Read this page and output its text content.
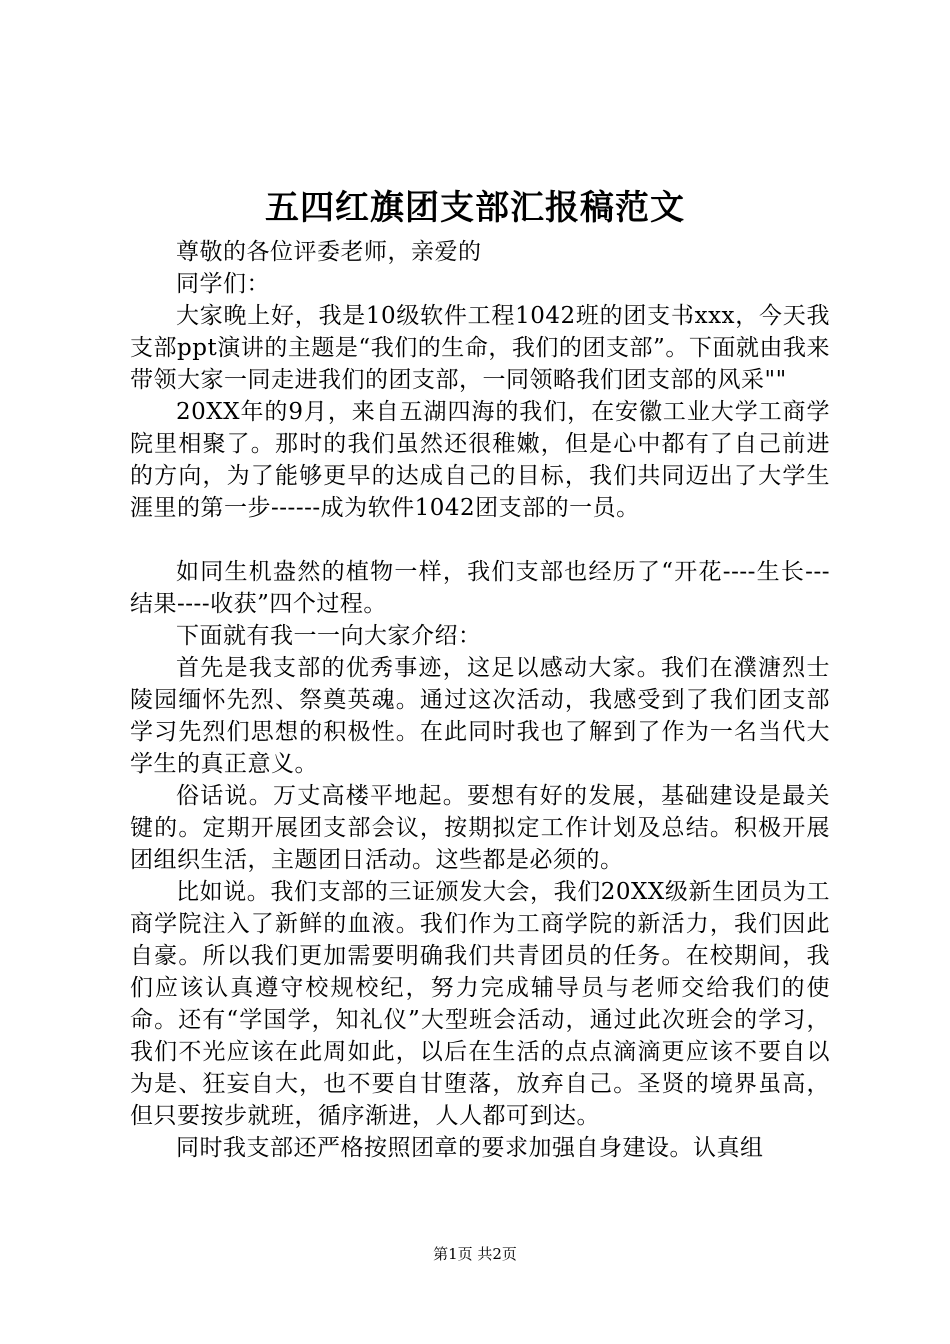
五四红旗团支部汇报稿范文

尊敬的各位评委老师，亲爱的

同学们：

大家晚上好，我是10级软件工程1042班的团支书xxx，今天我支部ppt演讲的主题是“我们的生命，我们的团支部”。下面就由我来带领大家一同走进我们的团支部，一同领略我们团支部的风采""

20XX年的9月，来自五湖四海的我们，在安徽工业大学工商学院里相聚了。那时的我们虽然还很稚嫩，但是心中都有了自己前进的方向，为了能够更早的达成自己的目标，我们共同迈出了大学生涯里的第一步------成为软件1042团支部的一员。

如同生机盎然的植物一样，我们支部也经历了“开花----生长---结果----收获”四个过程。

下面就有我一一向大家介绍：

首先是我支部的优秀事迹，这足以感动大家。我们在濮溏烈士陵园缅怀先烈、祭奠英魂。通过这次活动，我感受到了我们团支部学习先烈们思想的积极性。在此同时我也了解到了作为一名当代大学生的真正意义。

俗话说。万丈高楼平地起。要想有好的发展，基础建设是最关键的。定期开展团支部会议，按期拟定工作计划及总结。积极开展团组织生活，主题团日活动。这些都是必须的。

比如说。我们支部的三证颁发大会，我们20XX级新生团员为工商学院注入了新鲜的血液。我们作为工商学院的新活力，我们因此自豪。所以我们更加需要明确我们共青团员的任务。在校期间，我们应该认真遵守校规校纪，努力完成辅导员与老师交给我们的使命。还有“学国学，知礼仪”大型班会活动，通过此次班会的学习，我们不光应该在此周如此，以后在生活的点点滴滴更应该不要自以为是、狂妄自大，也不要自甘堕落，放弃自己。圣贤的境界虽高，但只要按步就班，循序渐进，人人都可到达。

同时我支部还严格按照团章的要求加强自身建设。认真组

第1页 共2页
